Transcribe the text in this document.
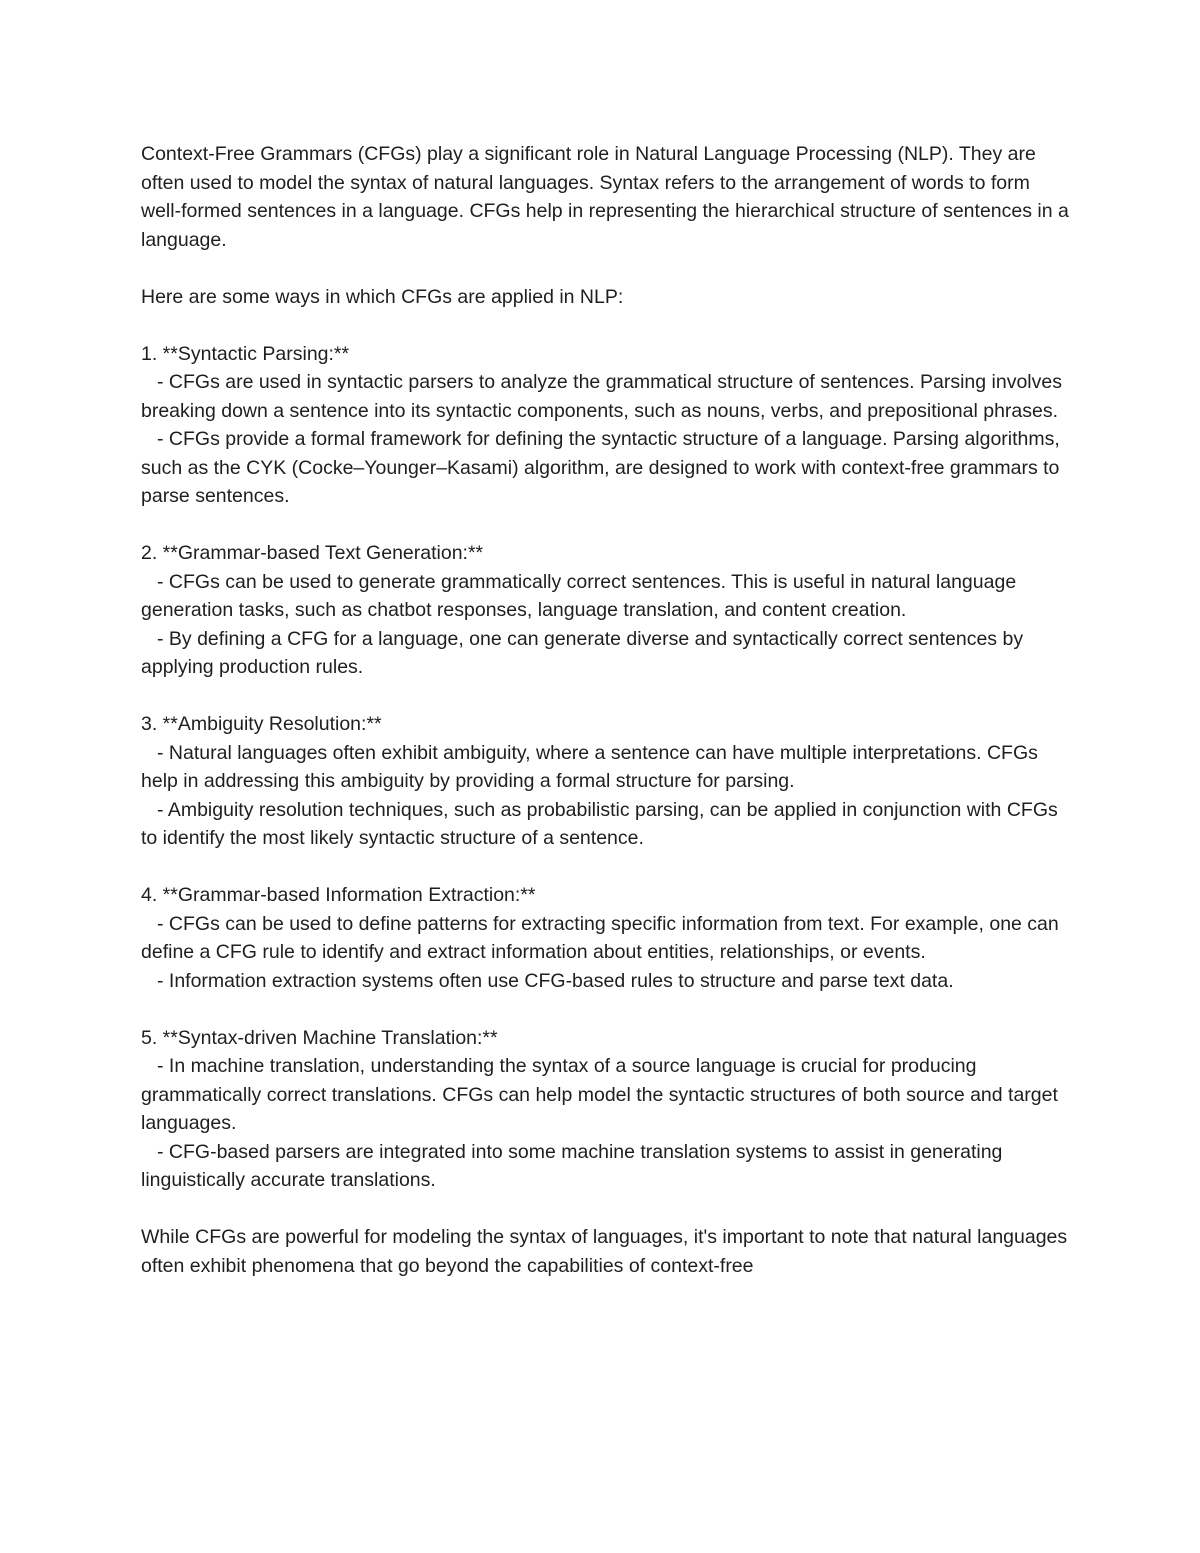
Context-Free Grammars (CFGs) play a significant role in Natural Language Processing (NLP). They are often used to model the syntax of natural languages. Syntax refers to the arrangement of words to form well-formed sentences in a language. CFGs help in representing the hierarchical structure of sentences in a language.

Here are some ways in which CFGs are applied in NLP:

1. **Syntactic Parsing:**

- CFGs are used in syntactic parsers to analyze the grammatical structure of sentences. Parsing involves breaking down a sentence into its syntactic components, such as nouns, verbs, and prepositional phrases.

- CFGs provide a formal framework for defining the syntactic structure of a language. Parsing algorithms, such as the CYK (Cocke–Younger–Kasami) algorithm, are designed to work with context-free grammars to parse sentences.

2. **Grammar-based Text Generation:**

- CFGs can be used to generate grammatically correct sentences. This is useful in natural language generation tasks, such as chatbot responses, language translation, and content creation.

- By defining a CFG for a language, one can generate diverse and syntactically correct sentences by applying production rules.

3. **Ambiguity Resolution:**

- Natural languages often exhibit ambiguity, where a sentence can have multiple interpretations. CFGs help in addressing this ambiguity by providing a formal structure for parsing.

- Ambiguity resolution techniques, such as probabilistic parsing, can be applied in conjunction with CFGs to identify the most likely syntactic structure of a sentence.

4. **Grammar-based Information Extraction:**

- CFGs can be used to define patterns for extracting specific information from text. For example, one can define a CFG rule to identify and extract information about entities, relationships, or events.

- Information extraction systems often use CFG-based rules to structure and parse text data.

5. **Syntax-driven Machine Translation:**

- In machine translation, understanding the syntax of a source language is crucial for producing grammatically correct translations. CFGs can help model the syntactic structures of both source and target languages.

- CFG-based parsers are integrated into some machine translation systems to assist in generating linguistically accurate translations.

While CFGs are powerful for modeling the syntax of languages, it's important to note that natural languages often exhibit phenomena that go beyond the capabilities of context-free
